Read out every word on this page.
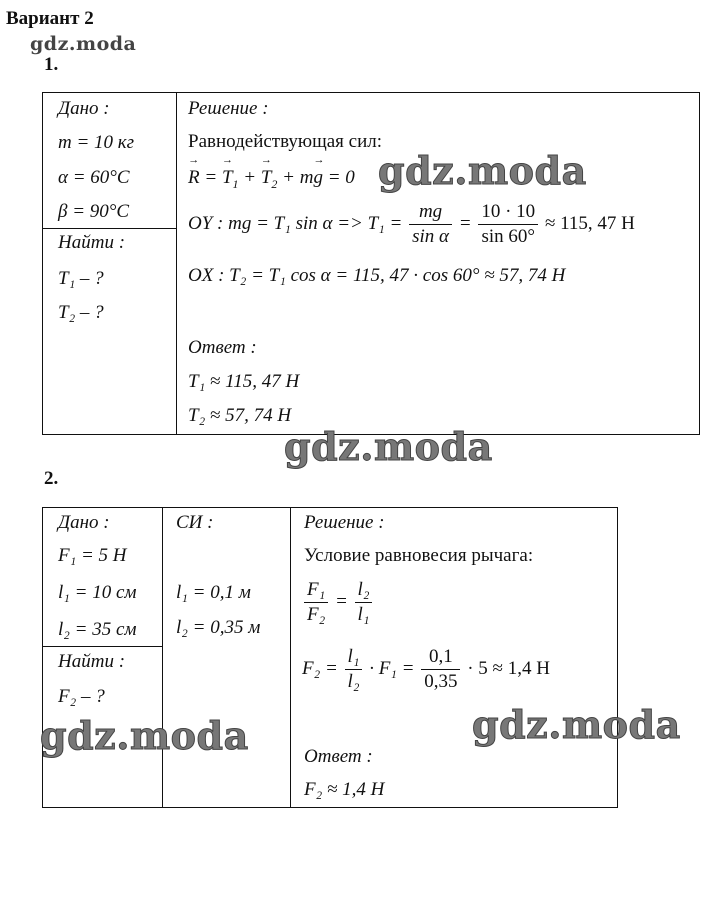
Вариант 2
gdz.moda
1.
Дано :
m = 10 кг
α = 60°C
β = 90°C
Найти :
T₁ – ?
T₂ – ?
Решение :
Равнодействующая сил:
→ R = → $T_1$ + → $T_2 + m\to g = 0$
OY : mg = T₁ $\sin \alpha => T_1 = \frac{mg}{\text{sin α}} = \frac{10 \cdot 10}{\sin 60^\circ} \approx 115$, 47 Н
OX : T₂ = T₁ cos α = 115, 47 · cos 60° ≈ 57, 74 Н
Ответ :
T₁ ≈ 115, 47 Н
T₂ ≈ 57, 74 Н
gdz.moda
gdz.moda
2.
Дано :
F₁ = 5 Н
l₁ = 10 см
l₂ = 35 см
Найти :
F₂ – ?
СИ :
l₁ = 0,1 м
l₂ = 0,35 м
Решение :
Условие равновесия рычага:
$\frac{\text{F₁}}{\text{F₂}} = \frac{\text{l₂}}{\text{l₁}}$
$F_2 = \frac{\text{l₁}}{\text{l₂}} \cdot F_1 = \frac{0,1}{0,35} \cdot 5 \approx 1,4$ Н
Ответ :
F₂ ≈ 1,4 Н
gdz.moda	gdz.moda
